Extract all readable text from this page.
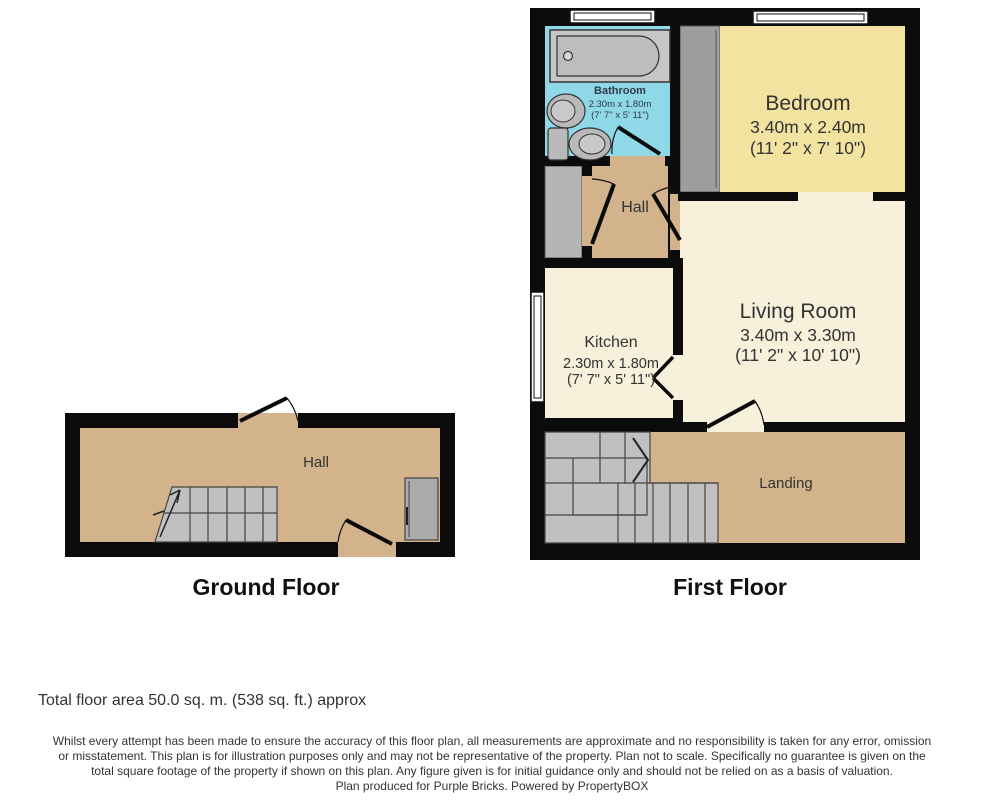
Bathroom
2.30m x 1.80m
(7' 7" x 5' 11")
Bedroom
3.40m x 2.40m
(11' 2" x 7' 10")
Hall
Kitchen
2.30m x 1.80m
(7' 7" x 5' 11")
Living Room
3.40m x 3.30m
(11' 2" x 10' 10")
Landing
Hall
Ground Floor	First Floor
Total floor area 50.0 sq. m. (538 sq. ft.) approx
Whilst every attempt has been made to ensure the accuracy of this floor plan, all measurements are approximate and no responsibility is taken for any error, omission or misstatement. This plan is for illustration purposes only and may not be representative of the property. Plan not to scale. Specifically no guarantee is given on the total square footage of the property if shown on this plan. Any figure given is for initial guidance only and should not be relied on as a basis of valuation.
Plan produced for Purple Bricks. Powered by PropertyBOX
